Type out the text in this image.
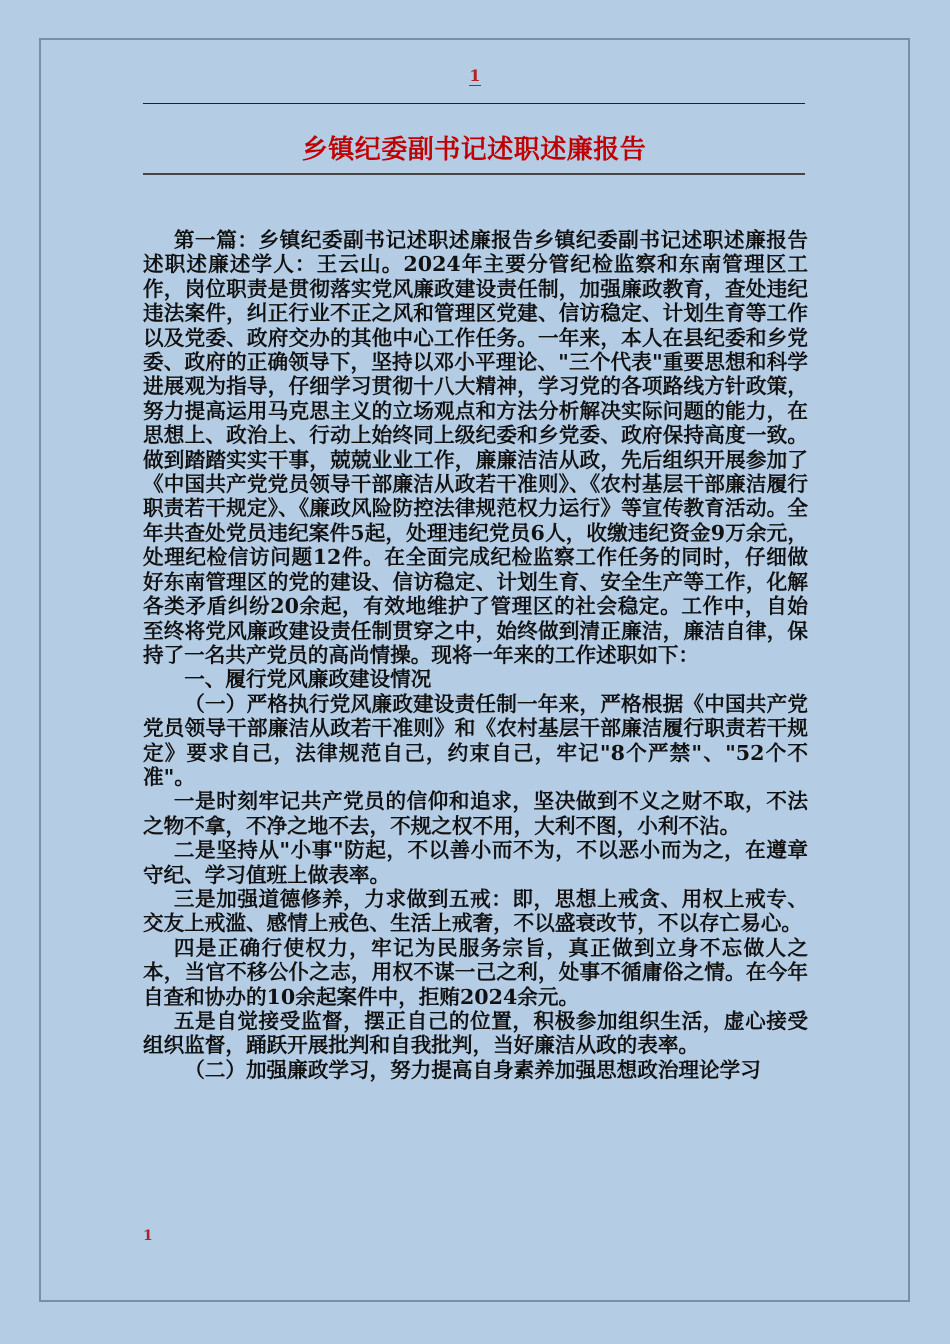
1
乡镇纪委副书记述职述廉报告

第一篇：乡镇纪委副书记述职述廉报告乡镇纪委副书记述职述廉报告述职述廉述学人：王云山。2024年主要分管纪检监察和东南管理区工作，岗位职责是贯彻落实党风廉政建设责任制，加强廉政教育，查处违纪违法案件，纠正行业不正之风和管理区党建、信访稳定、计划生育等工作以及党委、政府交办的其他中心工作任务。一年来，本人在县纪委和乡党委、政府的正确领导下，坚持以邓小平理论、"三个代表"重要思想和科学进展观为指导，仔细学习贯彻十八大精神，学习党的各项路线方针政策，努力提高运用马克思主义的立场观点和方法分析解决实际问题的能力，在思想上、政治上、行动上始终同上级纪委和乡党委、政府保持高度一致。做到踏踏实实干事，兢兢业业工作，廉廉洁洁从政，先后组织开展参加了《中国共产党党员领导干部廉洁从政若干准则》、《农村基层干部廉洁履行职责若干规定》、《廉政风险防控法律规范权力运行》等宣传教育活动。全年共查处党员违纪案件5起，处理违纪党员6人，收缴违纪资金9万余元，处理纪检信访问题12件。在全面完成纪检监察工作任务的同时，仔细做好东南管理区的党的建设、信访稳定、计划生育、安全生产等工作，化解各类矛盾纠纷20余起，有效地维护了管理区的社会稳定。工作中，自始至终将党风廉政建设责任制贯穿之中，始终做到清正廉洁，廉洁自律，保持了一名共产党员的高尚情操。现将一年来的工作述职如下：

一、履行党风廉政建设情况

（一）严格执行党风廉政建设责任制一年来，严格根据《中国共产党党员领导干部廉洁从政若干准则》和《农村基层干部廉洁履行职责若干规定》要求自己，法律规范自己，约束自己，牢记"8个严禁"、"52个不准"。

一是时刻牢记共产党员的信仰和追求，坚决做到不义之财不取，不法之物不拿，不净之地不去，不规之权不用，大利不图，小利不沾。

二是坚持从"小事"防起，不以善小而不为，不以恶小而为之，在遵章守纪、学习值班上做表率。

三是加强道德修养，力求做到五戒：即，思想上戒贪、用权上戒专、交友上戒滥、感情上戒色、生活上戒奢，不以盛衰改节，不以存亡易心。

四是正确行使权力，牢记为民服务宗旨，真正做到立身不忘做人之本，当官不移公仆之志，用权不谋一己之利，处事不循庸俗之情。在今年自查和协办的10余起案件中，拒贿2024余元。

五是自觉接受监督，摆正自己的位置，积极参加组织生活，虚心接受组织监督，踊跃开展批判和自我批判，当好廉洁从政的表率。

（二）加强廉政学习，努力提高自身素养加强思想政治理论学习

1
